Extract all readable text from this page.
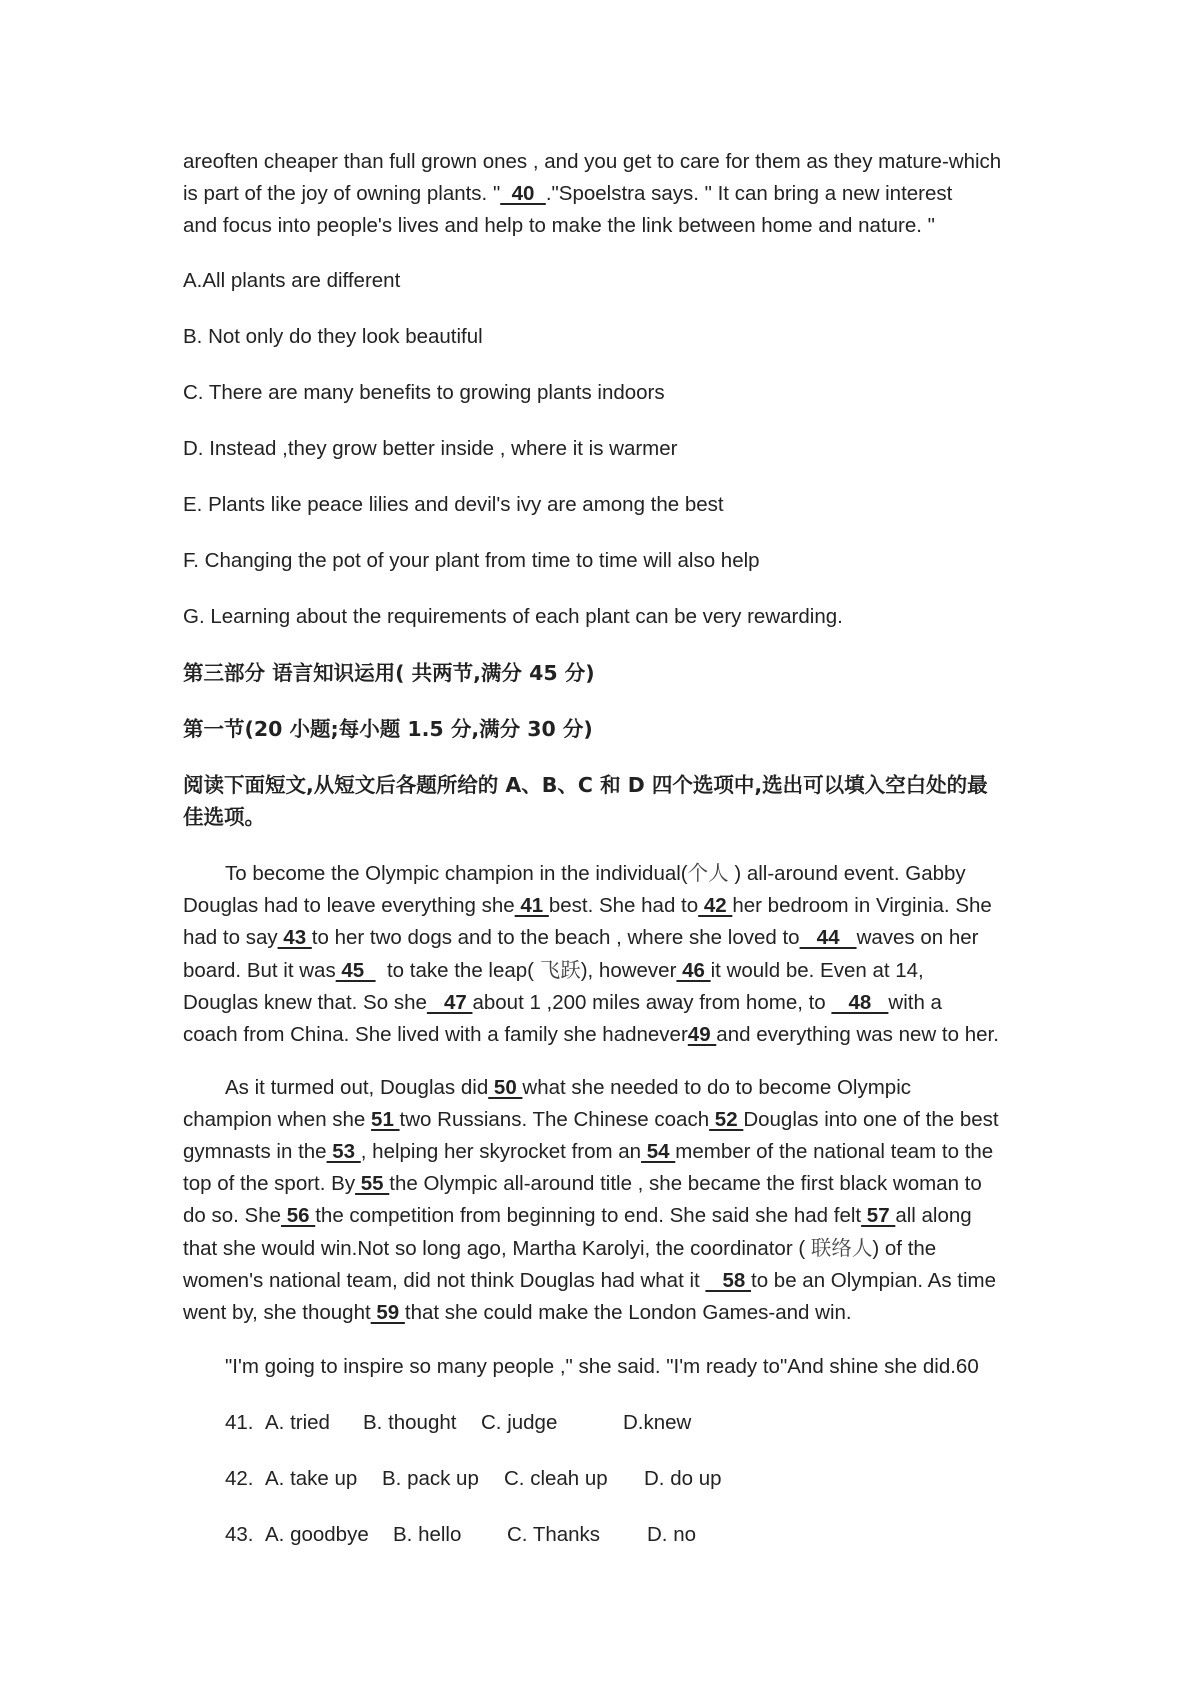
areoften cheaper than full grown ones , and you get to care for them as they mature-which
is part of the joy of owning plants. "  40  ."Spoelstra says. " It can bring a new interest
and focus into people's lives and help to make the link between home and nature. "
A.All plants are different
B. Not only do they look beautiful
C. There are many benefits to growing plants indoors
D. Instead ,they grow better inside , where it is warmer
E. Plants like peace lilies and devil's ivy are among the best
F. Changing the pot of your plant from time to time will also help
G. Learning about the requirements of each plant can be very rewarding.
第三部分 语言知识运用( 共两节,满分 45 分)
第一节(20 小题;每小题 1.5 分,满分 30 分)
阅读下面短文,从短文后各题所给的 A、B、C 和 D 四个选项中,选出可以填入空白处的最
佳选项。
To become the Olympic champion in the individual(个人 ) all-around event. Gabby
Douglas had to leave everything she 41 best. She had to 42 her bedroom in Virginia. She
had to say 43 to her two dogs and to the beach , where she loved to   44   waves on her
board. But it was 45    to take the leap( 飞跃), however 46 it would be. Even at 14,
Douglas knew that. So she   47 about 1 ,200 miles away from home, to    48   with a
coach from China. She lived with a family she hadnever49 and everything was new to her.
As it turmed out, Douglas did 50 what she needed to do to become Olympic
champion when she 51 two Russians. The Chinese coach 52 Douglas into one of the best
gymnasts in the 53 , helping her skyrocket from an 54 member of the national team to the
top of the sport. By 55 the Olympic all-around title , she became the first black woman to
do so. She 56 the competition from beginning to end. She said she had felt 57 all along
that she would win.Not so long ago, Martha Karolyi, the coordinator ( 联络人) of the
women's national team, did not think Douglas had what it    58 to be an Olympian. As time
went by, she thought 59 that she could make the London Games-and win.
"I'm going to inspire so many people ," she said. "I'm ready to"And shine she did.60
41. A. tried B. thought C. judge	D.knew
42. A. take up B. pack up C. cleah up D. do up
43. A. goodbye B. hello C. Thanks D. no
